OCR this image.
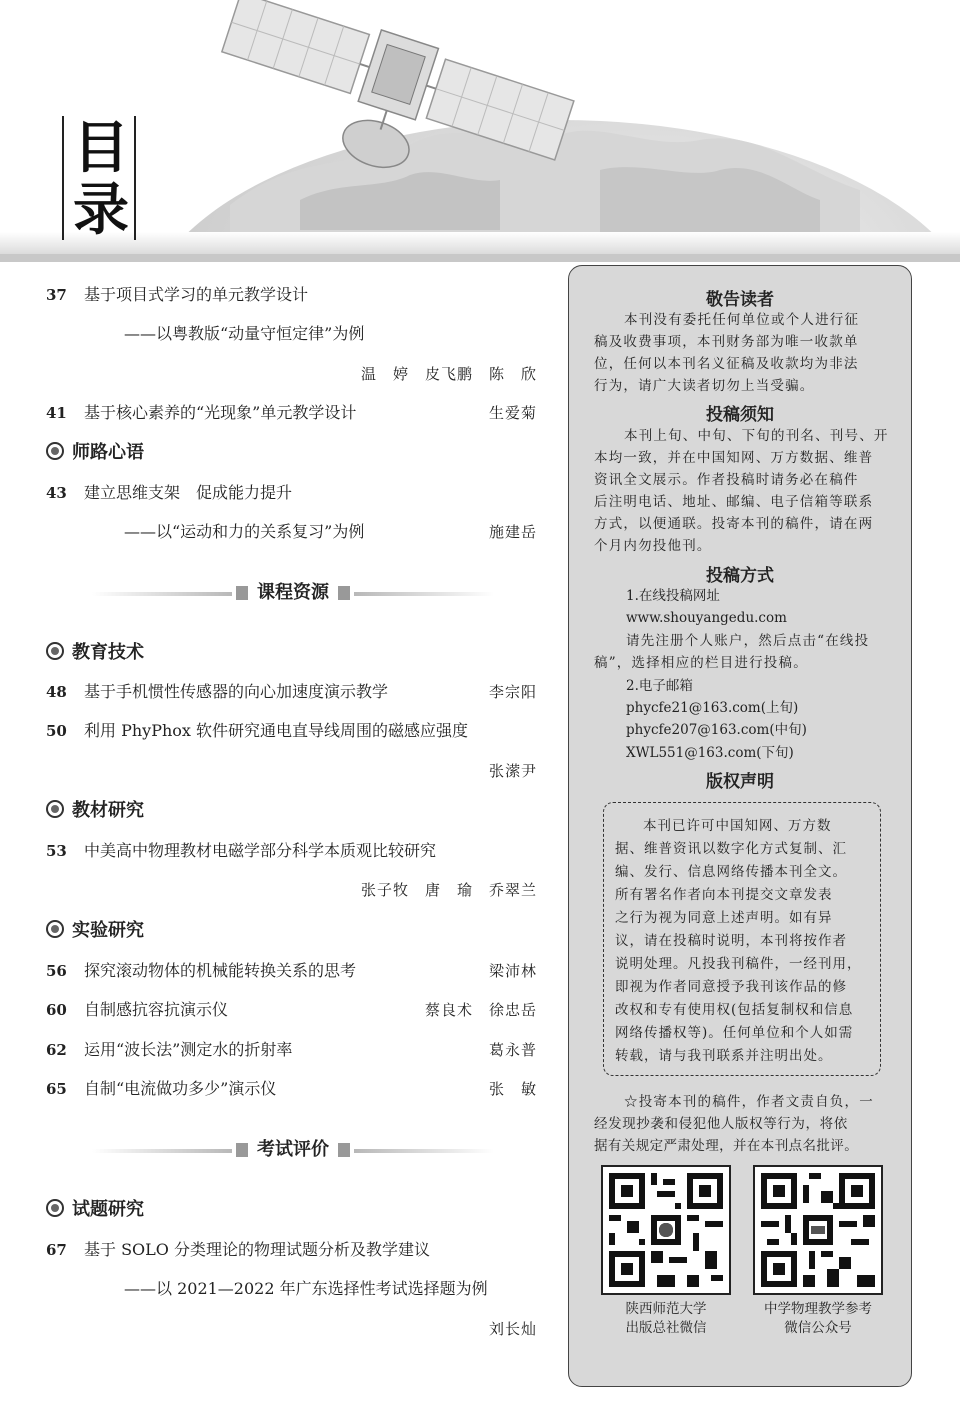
目
录
37 基于项目式学习的单元教学设计
——以粤教版“动量守恒定律”为例
温　婷　皮飞鹏　陈　欣
41 基于核心素养的“光现象”单元教学设计	生爱菊
师路心语
43 建立思维支架　促成能力提升
——以“运动和力的关系复习”为例	施建岳
课程资源
教育技术
48 基于手机惯性传感器的向心加速度演示教学	李宗阳
50 利用 PhyPhox 软件研究通电直导线周围的磁感应强度
张潆尹
教材研究
53 中美高中物理教材电磁学部分科学本质观比较研究
张子牧　唐　瑜　乔翠兰
实验研究
56 探究滚动物体的机械能转换关系的思考	梁沛林
60 自制感抗容抗演示仪	蔡良术　徐忠岳
62 运用“波长法”测定水的折射率	葛永普
65 自制“电流做功多少”演示仪	张　敏
考试评价
试题研究
67 基于 SOLO 分类理论的物理试题分析及教学建议
——以 2021—2022 年广东选择性考试选择题为例
刘长灿
敬告读者
本刊没有委托任何单位或个人进行征
稿及收费事项，本刊财务部为唯一收款单
位，任何以本刊名义征稿及收款均为非法
行为，请广大读者切勿上当受骗。
投稿须知
本刊上旬、中旬、下旬的刊名、刊号、开
本均一致，并在中国知网、万方数据、维普
资讯全文展示。作者投稿时请务必在稿件
后注明电话、地址、邮编、电子信箱等联系
方式，以便通联。投寄本刊的稿件，请在两
个月内勿投他刊。
投稿方式
1.在线投稿网址
www.shouyangedu.com
请先注册个人账户，然后点击“在线投
稿”，选择相应的栏目进行投稿。
2.电子邮箱
phycfe21@163.com(上旬)
phycfe207@163.com(中旬)
XWL551@163.com(下旬)
版权声明
本刊已许可中国知网、万方数
据、维普资讯以数字化方式复制、汇
编、发行、信息网络传播本刊全文。
所有署名作者向本刊提交文章发表
之行为视为同意上述声明。如有异
议，请在投稿时说明，本刊将按作者
说明处理。凡投我刊稿件，一经刊用，
即视为作者同意授予我刊该作品的修
改权和专有使用权(包括复制权和信息
网络传播权等)。任何单位和个人如需
转载，请与我刊联系并注明出处。
☆投寄本刊的稿件，作者文责自负，一
经发现抄袭和侵犯他人版权等行为，将依
据有关规定严肃处理，并在本刊点名批评。
陕西师范大学
出版总社微信
中学物理教学参考
微信公众号
